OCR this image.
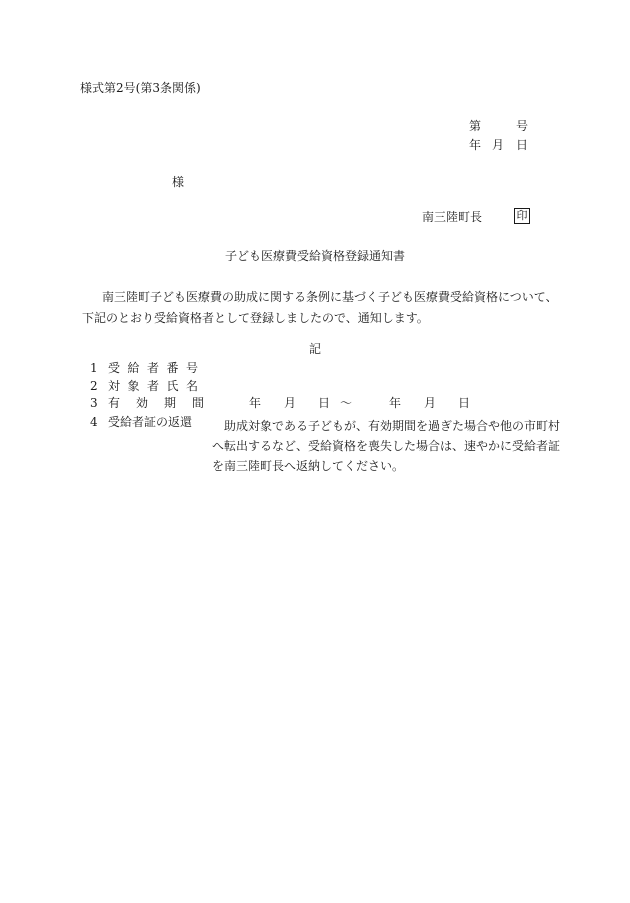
様式第2号(第3条関係)
第	号
年 月 日
様
南三陸町長	印
子ども医療費受給資格登録通知書

南三陸町子ども医療費の助成に関する条例に基づく子ども医療費受給資格について、

下記のとおり受給資格者として登録しましたので、通知します。

記
1 受給者番号
2 対象者氏名
3 有効期間 年 月 日 ～	年 月 日
4 受給者証の返還	助成対象である子どもが、有効期間を過ぎた場合や他の市町村

へ転出するなど、受給資格を喪失した場合は、速やかに受給者証

を南三陸町長へ返納してください。
